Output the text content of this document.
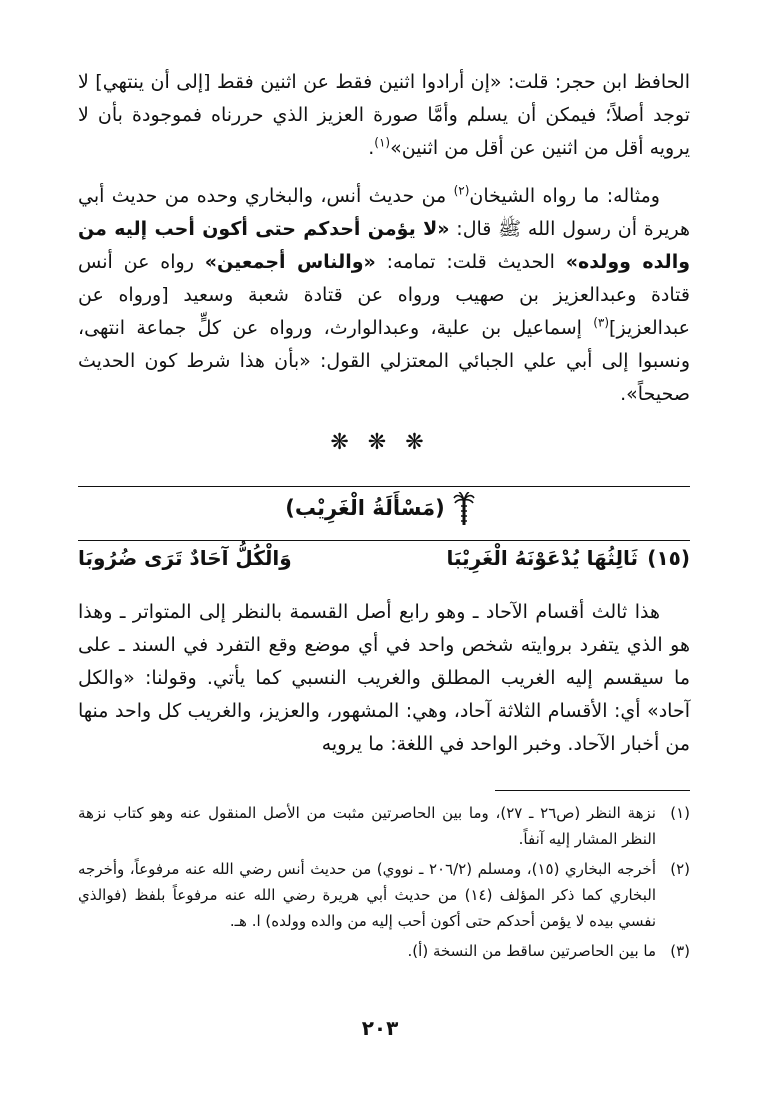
الحافظ ابن حجر: قلت: «إن أرادوا اثنين فقط عن اثنين فقط [إلى أن ينتهي] لا توجد أصلاً؛ فيمكن أن يسلم وأمَّا صورة العزيز الذي حررناه فموجودة بأن لا يرويه أقل من اثنين عن أقل من اثنين»$^{(١)}$.

ومثاله: ما رواه الشيخان$^{(٢)}$ من حديث أنس، والبخاري وحده من حديث أبي هريرة أن رسول الله ﷺ قال: «لا يؤمن أحدكم حتى أكون أحب إليه من والده وولده» الحديث قلت: تمامه: «والناس أجمعين» رواه عن أنس قتادة وعبدالعزيز بن صهيب ورواه عن قتادة شعبة وسعيد [ورواه عن عبدالعزيز]$^{(٣)}$ إسماعيل بن علية، وعبدالوارث، ورواه عن كلٍّ جماعة انتهى، ونسبوا إلى أبي علي الجبائي المعتزلي القول: «بأن هذا شرط كون الحديث صحيحاً».

❋ ❋ ❋
(مَسْأَلَةُ الْغَرِيْب)
(١٥)
ثَالِثُهَا يُدْعَوْنَهُ الْغَرِيْبَا
وَالْكُلُّ آحَادٌ تَرَى ضُرُوبَا

هذا ثالث أقسام الآحاد ـ وهو رابع أصل القسمة بالنظر إلى المتواتر ـ وهذا هو الذي يتفرد بروايته شخص واحد في أي موضع وقع التفرد في السند ـ على ما سيقسم إليه الغريب المطلق والغريب النسبي كما يأتي. وقولنا: «والكل آحاد» أي: الأقسام الثلاثة آحاد، وهي: المشهور، والعزيز، والغريب كل واحد منها من أخبار الآحاد. وخبر الواحد في اللغة: ما يرويه

(١)
نزهة النظر (ص٢٦ ـ ٢٧)، وما بين الحاصرتين مثبت من الأصل المنقول عنه وهو كتاب نزهة النظر المشار إليه آنفاً.
(٢)
أخرجه البخاري (١٥)، ومسلم (٢٠٦/٢ ـ نووي) من حديث أنس رضي الله عنه مرفوعاً، وأخرجه البخاري كما ذكر المؤلف (١٤) من حديث أبي هريرة رضي الله عنه مرفوعاً بلفظ (فوالذي نفسي بيده لا يؤمن أحدكم حتى أكون أحب إليه من والده وولده) ا. هـ.
(٣)
ما بين الحاصرتين ساقط من النسخة (أ).
٢٠٣
